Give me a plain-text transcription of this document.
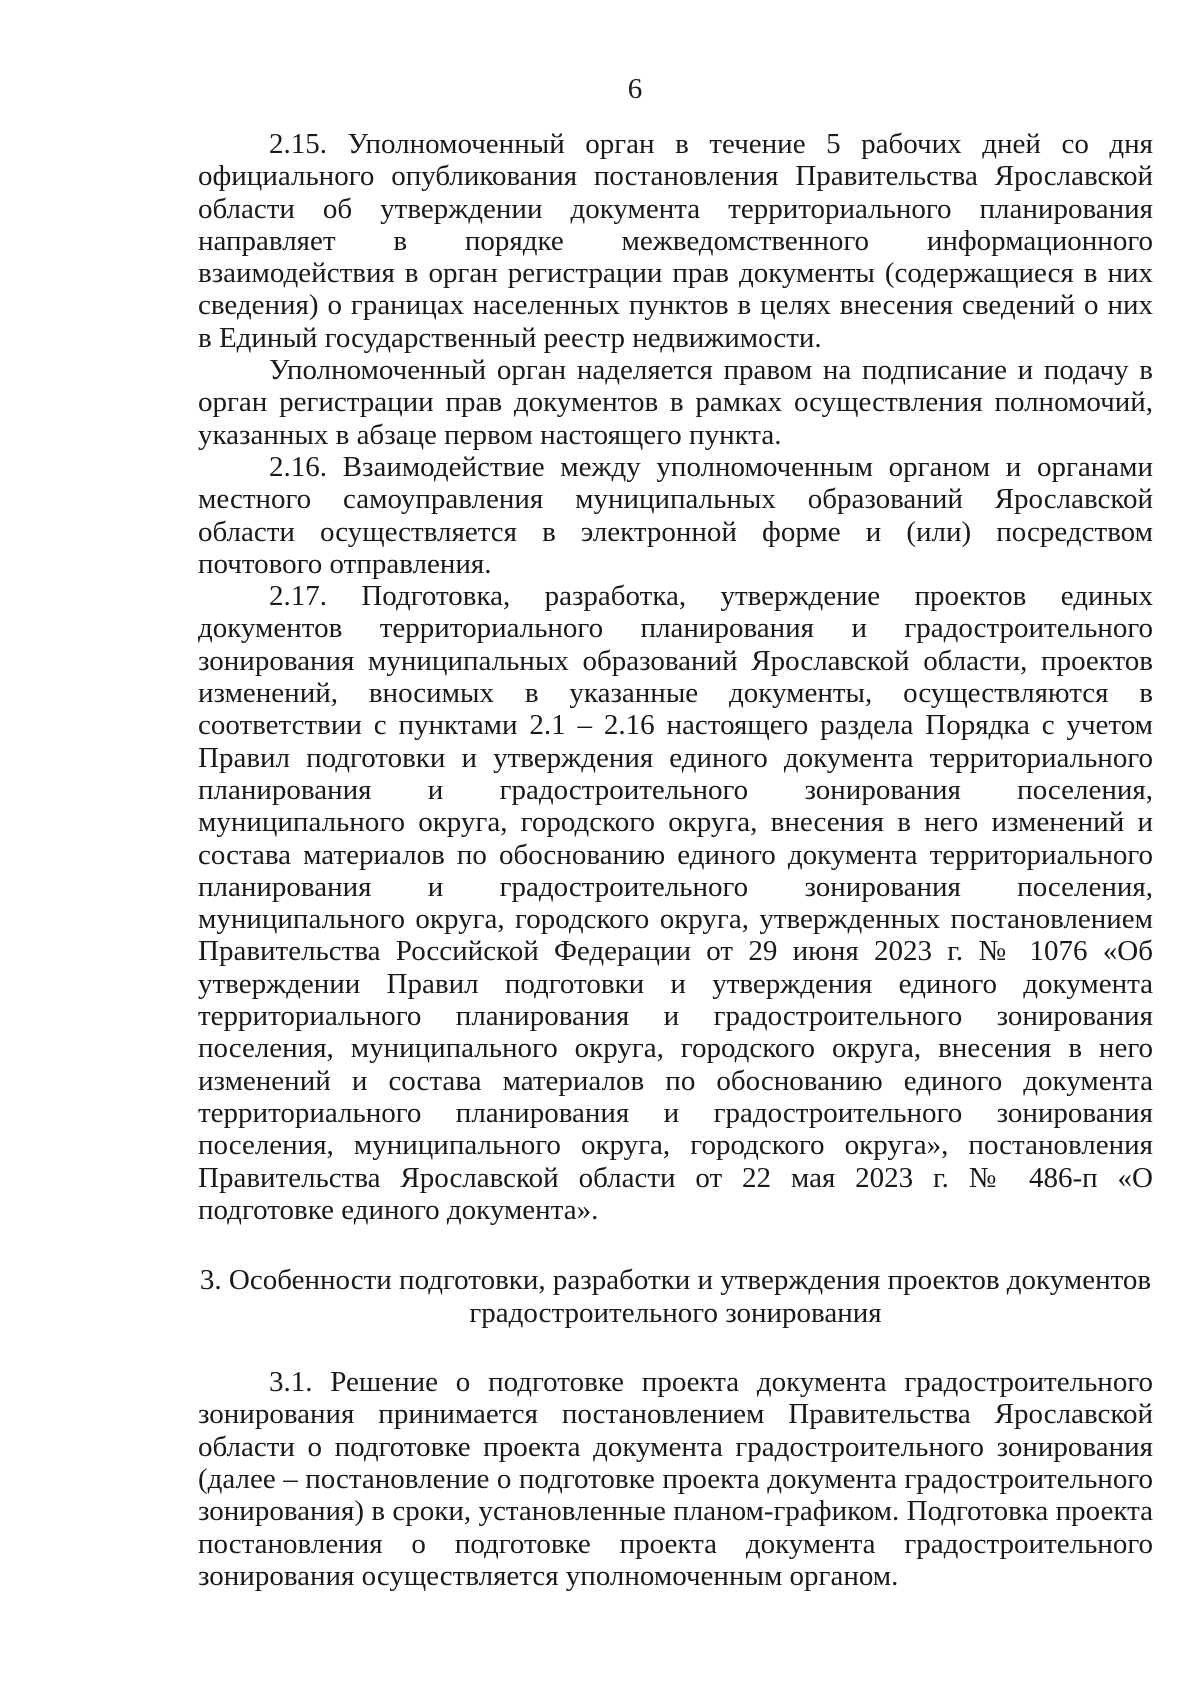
6

2.15. Уполномоченный орган в течение 5 рабочих дней со дня официального опубликования постановления Правительства Ярославской области об утверждении документа территориального планирования направляет в порядке межведомственного информационного взаимодействия в орган регистрации прав документы (содержащиеся в них сведения) о границах населенных пунктов в целях внесения сведений о них в Единый государственный реестр недвижимости.

Уполномоченный орган наделяется правом на подписание и подачу в орган регистрации прав документов в рамках осуществления полномочий, указанных в абзаце первом настоящего пункта.

2.16. Взаимодействие между уполномоченным органом и органами местного самоуправления муниципальных образований Ярославской области осуществляется в электронной форме и (или) посредством почтового отправления.

2.17. Подготовка, разработка, утверждение проектов единых документов территориального планирования и градостроительного зонирования муниципальных образований Ярославской области, проектов изменений, вносимых в указанные документы, осуществляются в соответствии с пунктами 2.1 – 2.16 настоящего раздела Порядка с учетом Правил подготовки и утверждения единого документа территориального планирования и градостроительного зонирования поселения, муниципального округа, городского округа, внесения в него изменений и состава материалов по обоснованию единого документа территориального планирования и градостроительного зонирования поселения, муниципального округа, городского округа, утвержденных постановлением Правительства Российской Федерации от 29 июня 2023 г. № 1076 «Об утверждении Правил подготовки и утверждения единого документа территориального планирования и градостроительного зонирования поселения, муниципального округа, городского округа, внесения в него изменений и состава материалов по обоснованию единого документа территориального планирования и градостроительного зонирования поселения, муниципального округа, городского округа», постановления Правительства Ярославской области от 22 мая 2023 г. № 486-п «О подготовке единого документа».

3. Особенности подготовки, разработки и утверждения проектов документов
градостроительного зонирования

3.1. Решение о подготовке проекта документа градостроительного зонирования принимается постановлением Правительства Ярославской области о подготовке проекта документа градостроительного зонирования (далее – постановление о подготовке проекта документа градостроительного зонирования) в сроки, установленные планом-графиком. Подготовка проекта постановления о подготовке проекта документа градостроительного зонирования осуществляется уполномоченным органом.
